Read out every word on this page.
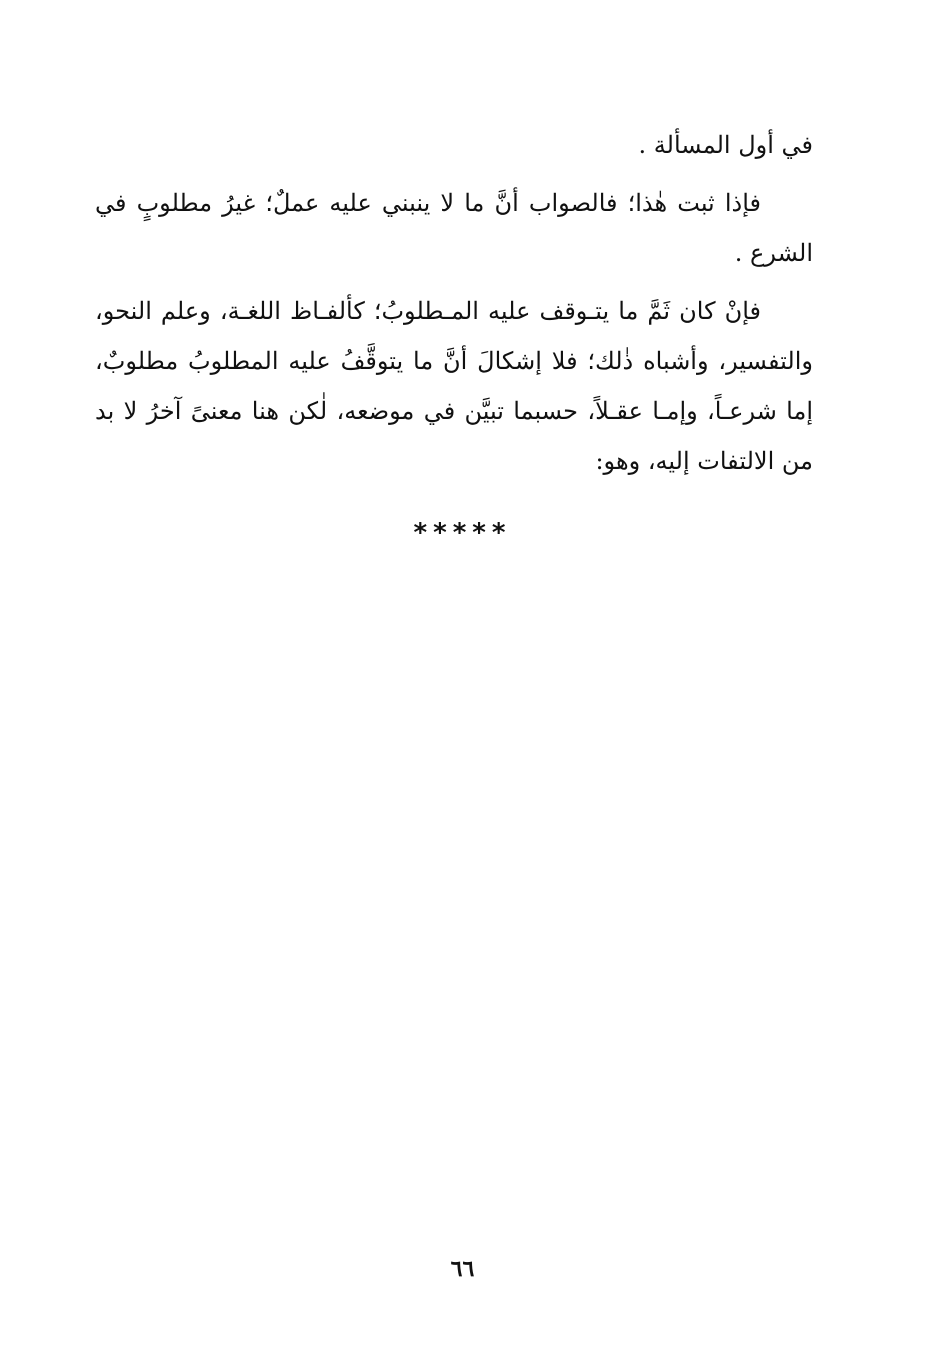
في أول المسألة .

فإذا ثبت هٰذا؛ فالصواب أنَّ ما لا ينبني عليه عملٌ؛ غيرُ مطلوبٍ في الشرع .

فإنْ كان ثَمَّ ما يتـوقف عليه المـطلوبُ؛ كألفـاظ اللغـة، وعلم النحو، والتفسير، وأشباه ذٰلك؛ فلا إشكالَ أنَّ ما يتوقَّفُ عليه المطلوبُ مطلوبٌ، إما شرعـاً، وإمـا عقـلاً، حسبما تبيَّن في موضعه، لٰكن هنا معنىً آخرُ لا بد من الالتفات إليه، وهو:

*****
٦٦
